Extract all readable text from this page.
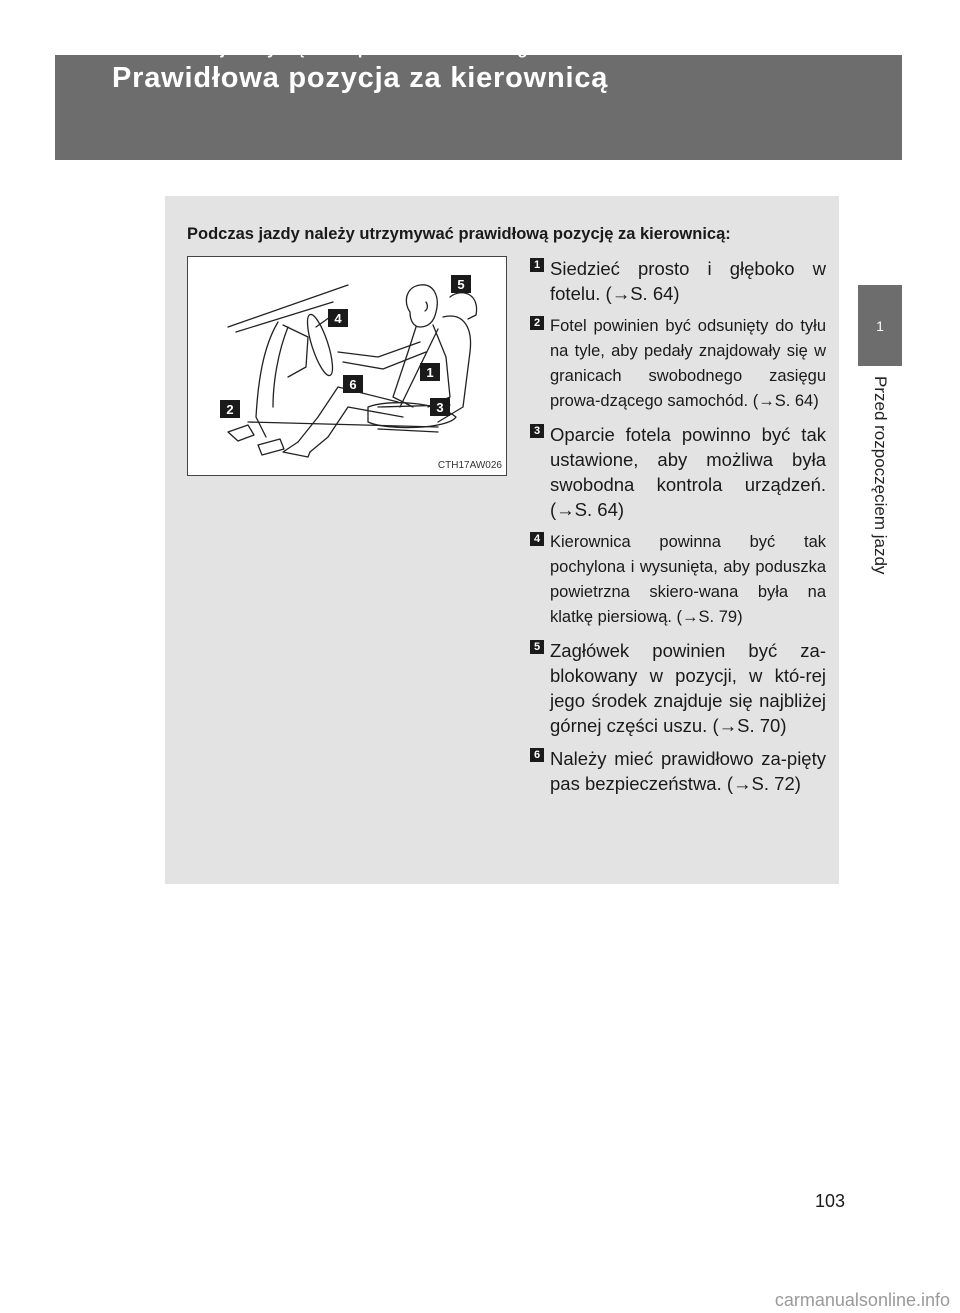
1-7. Informacje dotyczące bezpieczeństwa biernego
Prawidłowa pozycja za kierownicą
1
Przed rozpoczęciem jazdy
Podczas jazdy należy utrzymywać prawidłową pozycję za kierownicą:
5
4
1
6
2	3
CTH17AW026
1 Siedzieć prosto i głęboko w fotelu. (→S. 64)
2 Fotel powinien być odsunięty do tyłu na tyle, aby pedały znajdowały się w granicach swobodnego zasięgu prowa-dzącego samochód. (→S. 64)
3 Oparcie fotela powinno być tak ustawione, aby możliwa była swobodna kontrola urządzeń. (→S. 64)
4 Kierownica powinna być tak pochylona i wysunięta, aby poduszka powietrzna skiero-wana była na klatkę piersiową. (→S. 79)
5 Zagłówek powinien być za-blokowany w pozycji, w któ-rej jego środek znajduje się najbliżej górnej części uszu. (→S. 70)
6 Należy mieć prawidłowo za-pięty pas bezpieczeństwa. (→S. 72)
103
carmanualsonline.info
